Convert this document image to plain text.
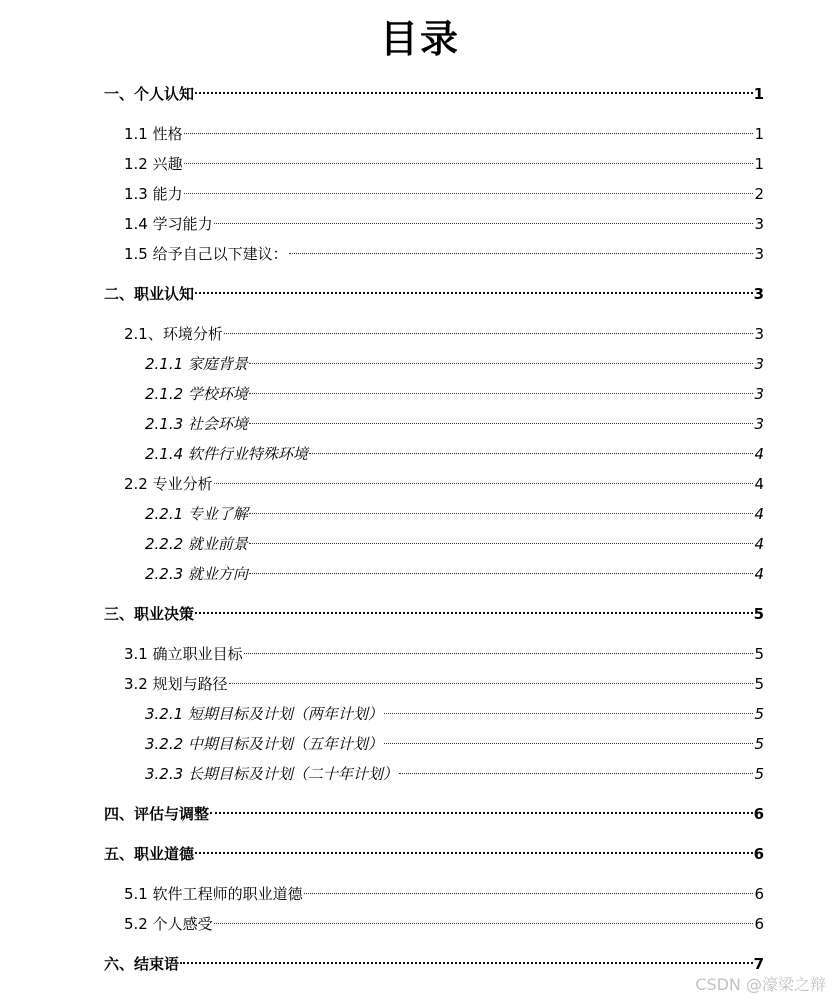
目录
一、个人认知	1
1.1 性格	1
1.2 兴趣	1
1.3 能力	2
1.4 学习能力	3
1.5 给予自己以下建议：	3
二、职业认知	3
2.1、环境分析	3
2.1.1 家庭背景	3
2.1.2 学校环境	3
2.1.3 社会环境	3
2.1.4 软件行业特殊环境	4
2.2 专业分析	4
2.2.1 专业了解	4
2.2.2 就业前景	4
2.2.3 就业方向	4
三、职业决策	5
3.1 确立职业目标	5
3.2 规划与路径	5
3.2.1 短期目标及计划（两年计划）	5
3.2.2 中期目标及计划（五年计划）	5
3.2.3 长期目标及计划（二十年计划）	5
四、评估与调整	6
五、职业道德	6
5.1 软件工程师的职业道德	6
5.2 个人感受	6
六、结束语	7
CSDN @濠梁之辩
